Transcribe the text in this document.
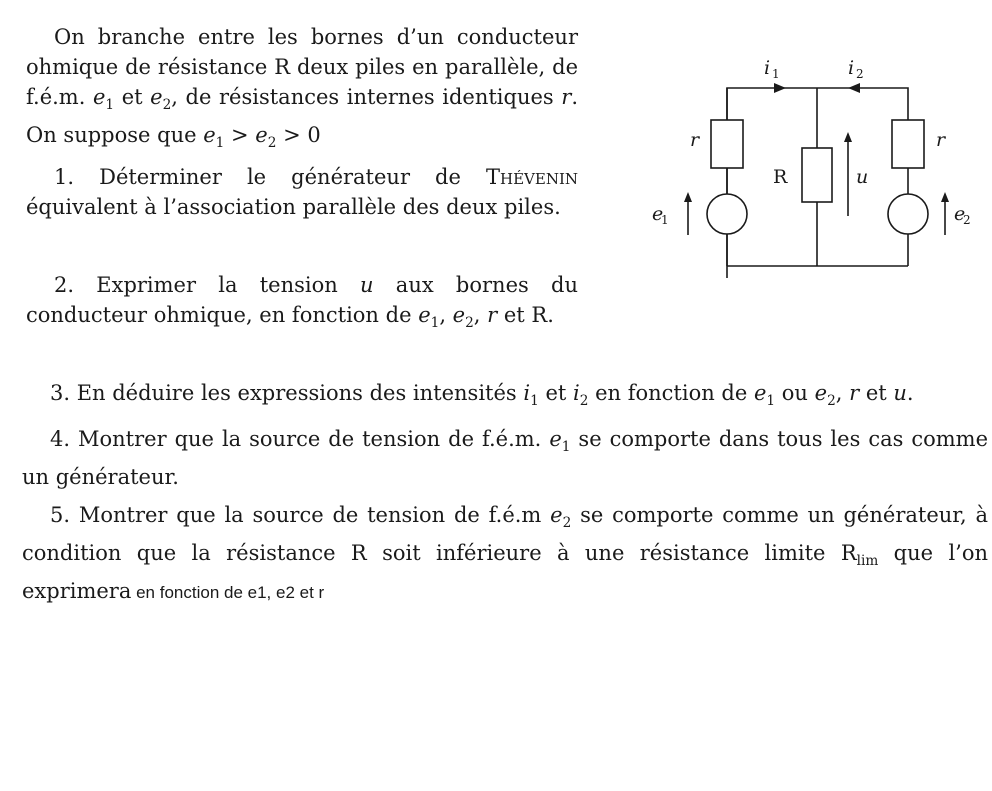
On branche entre les bornes d’un conducteur ohmique de résistance R deux piles en parallèle, de f.é.m. $e_1$ et $e_2$, de résistances internes identiques r. On suppose que $e_1 > e_2 > 0$

1. Déterminer le générateur de Thévenin équivalent à l’association parallèle des deux piles.

2. Exprimer la tension u aux bornes du conducteur ohmique, en fonction de $e_1$, $e_2$, r et R.

3. En déduire les expressions des intensités $i_1$ et $i_2$ en fonction de $e_1$ ou $e_2$, r et u.

4. Montrer que la source de tension de f.é.m. $e_1$ se comporte dans tous les cas comme un générateur.

5. Montrer que la source de tension de f.é.m $e_2$ se comporte comme un générateur, à condition que la résistance R soit inférieure à une résistance limite $R_{lim}$ que l’on exprimera en fonction de e1, e2 et r

i 1	i 2
r	r
R	u
e
1	e
2
